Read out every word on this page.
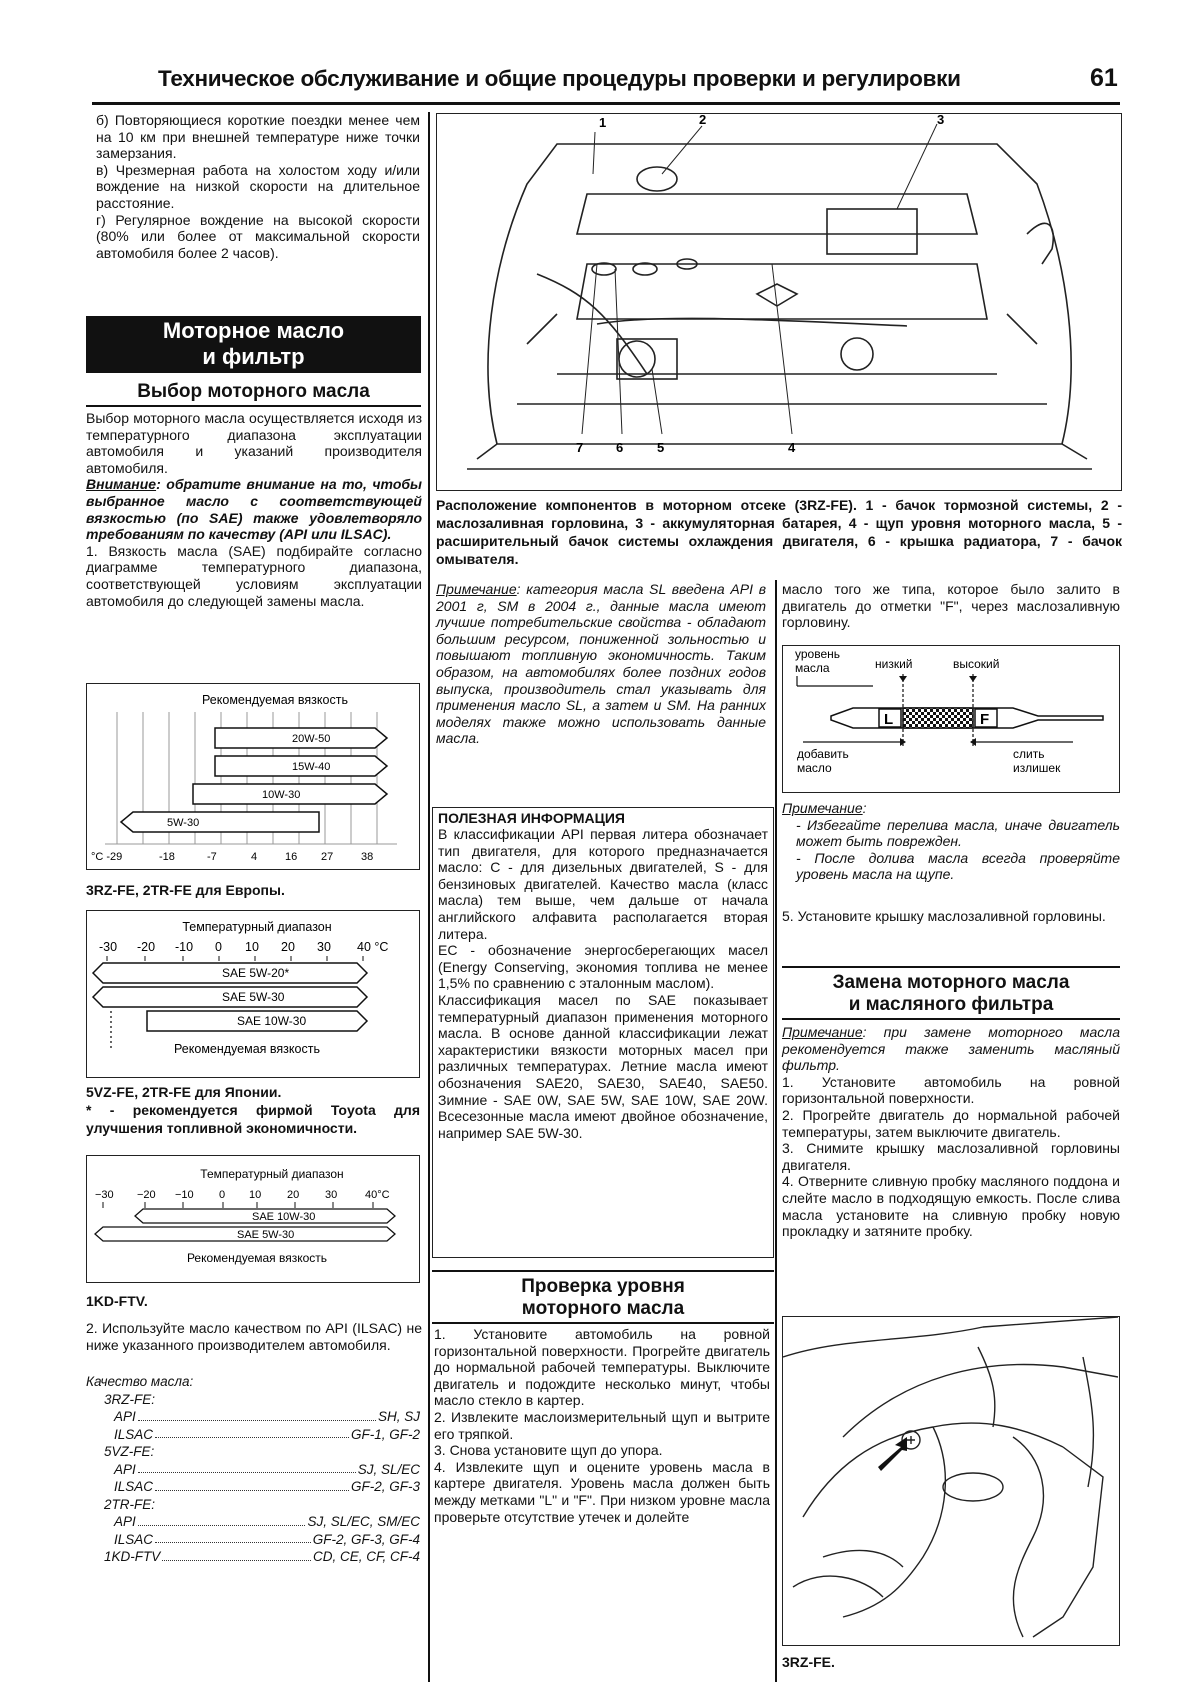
Техническое обслуживание и общие процедуры проверки и регулировки	61

б) Повторяющиеся короткие поездки менее чем на 10 км при внешней температуре ниже точки замерзания.

в) Чрезмерная работа на холостом ходу и/или вождение на низкой скорости на длительное расстояние.

г) Регулярное вождение на высокой скорости (80% или более от максимальной скорости автомобиля более 2 часов).

Моторное масло
и фильтр
Выбор моторного масла

Выбор моторного масла осуществляется исходя из температурного диапазона эксплуатации автомобиля и указаний производителя автомобиля.

Внимание: обратите внимание на то, чтобы выбранное масло с соответствующей вязкостью (по SAE) также удовлетворяло требованиям по качеству (API или ILSAC).

1. Вязкость масла (SAE) подбирайте согласно диаграмме температурного диапазона, соответствующей условиям эксплуатации автомобиля до следующей замены масла.

Рекомендуемая вязкость
20W-50
15W-40
10W-30
5W-30
°C -29	-18	-7	4	16 27	38
3RZ-FE, 2TR-FE для Европы.
Температурный диапазон
-30 -20 -10 0 10 20 30 40 °C
SAE 5W-20*
SAE 5W-30
SAE 10W-30
Рекомендуемая вязкость
5VZ-FE, 2TR-FE для Японии.
* - рекомендуется фирмой Toyota для улучшения топливной экономичности.
Температурный диапазон
−30 −20 −10 0 10 20 30	40°C
SAE 10W-30
SAE 5W-30
Рекомендуемая вязкость
1KD-FTV.
2. Используйте масло качеством по API (ILSAC) не ниже указанного производителем автомобиля.
Качество масла:
3RZ-FE:
API	SH, SJ
ILSAC	GF-1, GF-2
5VZ-FE:
API	SJ, SL/EC
ILSAC	GF-2, GF-3
2TR-FE:
API	SJ, SL/EC, SM/EC
ILSAC	GF-2, GF-3, GF-4
1KD-FTV	CD, CE, CF, CF-4
1	2	3
4
5
6
7
Расположение компонентов в моторном отсеке (3RZ-FE). 1 - бачок тормозной системы, 2 - маслозаливная горловина, 3 - аккумуляторная батарея, 4 - щуп уровня моторного масла, 5 - расширительный бачок системы охлаждения двигателя, 6 - крышка радиатора, 7 - бачок омывателя.
Примечание: категория масла SL введена API в 2001 г, SM в 2004 г., данные масла имеют лучшие потребительские свойства - обладают большим ресурсом, пониженной зольностью и повышают топливную экономичность. Таким образом, на автомобилях более поздних годов выпуска, производитель стал указывать для применения масло SL, а затем и SM. На ранних моделях также можно использовать данные масла.
ПОЛЕЗНАЯ ИНФОРМАЦИЯ

В классификации API первая литера обозначает тип двигателя, для которого предназначается масло: С - для дизельных двигателей, S - для бензиновых двигателей. Качество масла (класс масла) тем выше, чем дальше от начала английского алфавита располагается вторая литера.

ЕС - обозначение энергосберегающих масел (Energy Conserving, экономия топлива не менее 1,5% по сравнению с эталонным маслом).

Классификация масел по SAE показывает температурный диапазон применения моторного масла. В основе данной классификации лежат характеристики вязкости моторных масел при различных температурах. Летние масла имеют обозначения SAE20, SAE30, SAE40, SAE50. Зимние - SAE 0W, SAE 5W, SAE 10W, SAE 20W. Всесезонные масла имеют двойное обозначение, например SAE 5W-30.

Проверка уровня
моторного масла

1. Установите автомобиль на ровной горизонтальной поверхности. Прогрейте двигатель до нормальной рабочей температуры. Выключите двигатель и подождите несколько минут, чтобы масло стекло в картер.

2. Извлеките маслоизмерительный щуп и вытрите его тряпкой.

3. Снова установите щуп до упора.

4. Извлеките щуп и оцените уровень масла в картере двигателя. Уровень масла должен быть между метками "L" и "F". При низком уровне масла проверьте отсутствие утечек и долейте

масло того же типа, которое было залито в двигатель до отметки "F", через маслозаливную горловину.
уровень
масла	низкий	высокий
добавить
масло
слить
излишек
L	F

Примечание:

- Избегайте перелива масла, иначе двигатель может быть поврежден.

- После долива масла всегда проверяйте уровень масла на щупе.

5. Установите крышку маслозаливной горловины.
Замена моторного масла
и масляного фильтра

Примечание: при замене моторного масла рекомендуется также заменить масляный фильтр.

1. Установите автомобиль на ровной горизонтальной поверхности.

2. Прогрейте двигатель до нормальной рабочей температуры, затем выключите двигатель.

3. Снимите крышку маслозаливной горловины двигателя.

4. Отверните сливную пробку масляного поддона и слейте масло в подходящую емкость. После слива масла установите на сливную пробку новую прокладку и затяните пробку.

3RZ-FE.
